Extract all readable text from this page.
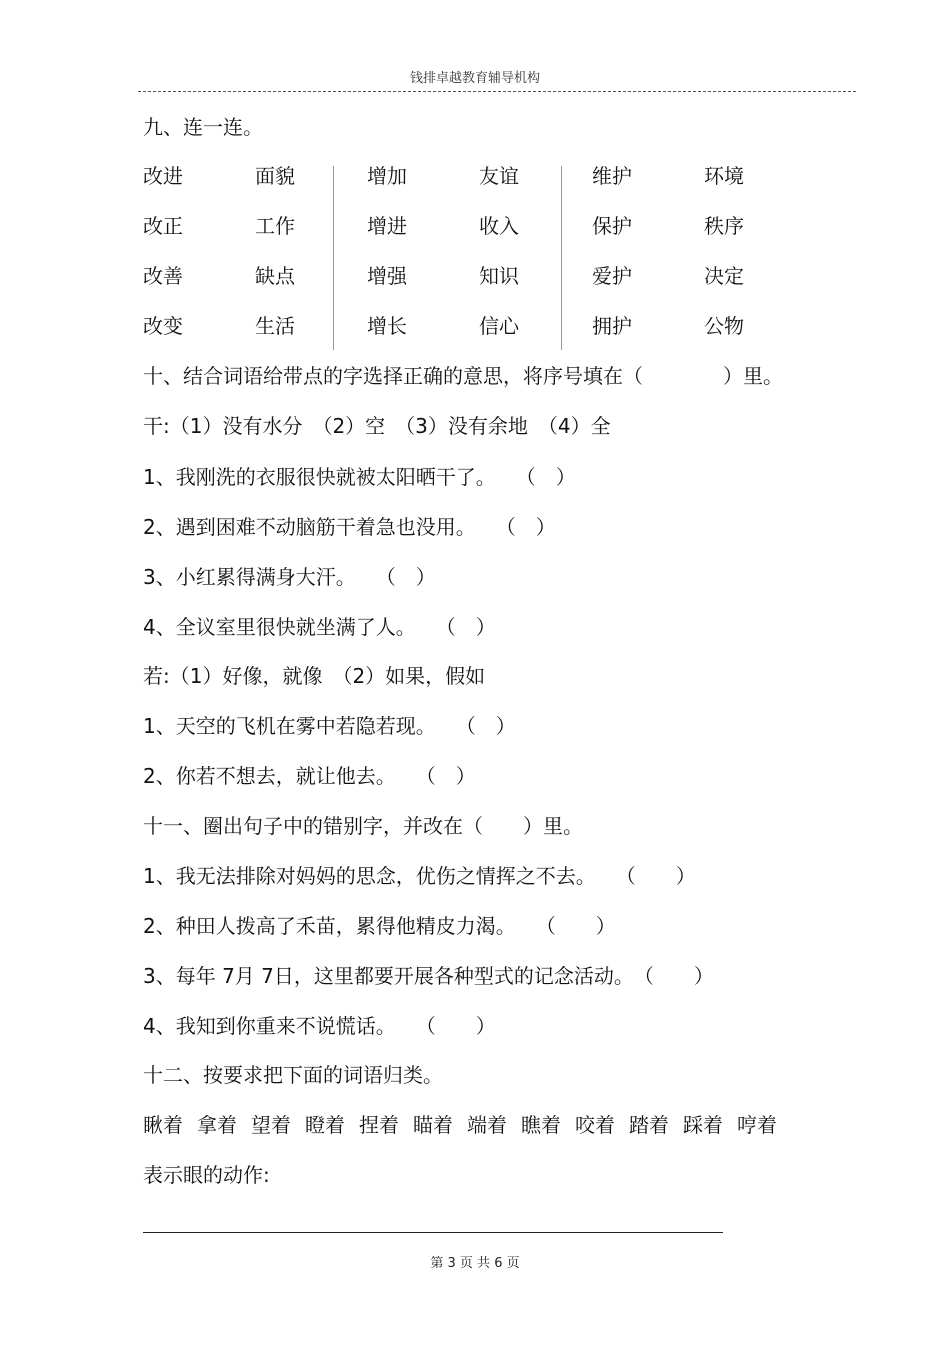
钱排卓越教育辅导机构
九、连一连。
改进	面貌	增加	友谊	维护	环境
改正	工作	增进	收入	保护	秩序
改善	缺点	增强	知识	爱护	决定
改变	生活	增长	信心	拥护	公物
十、结合词语给带点的字选择正确的意思，将序号填在（　　　　）里。
干:（1）没有水分　（2）空　（3）没有余地　（4）全
1、我刚洗的衣服很快就被太阳晒干了。　　（　）
2、遇到困难不动脑筋干着急也没用。　　（　）
3、小红累得满身大汗。　　（　）
4、全议室里很快就坐满了人。　　（　）
若:（1）好像，就像　（2）如果，假如
1、天空的飞机在雾中若隐若现。　　（　）
2、你若不想去，就让他去。　　（　）
十一、圈出句子中的错别字，并改在（　　）里。
1、我无法排除对妈妈的思念，优伤之情挥之不去。　　（　　）
2、种田人拨高了禾苗，累得他精皮力渴。　　（　　）
3、每年 7月 7日，这里都要开展各种型式的记念活动。　（　　）
4、我知到你重来不说慌话。　　（　　）
十二、按要求把下面的词语归类。
瞅着 拿着 望着 瞪着 捏着 瞄着 端着 瞧着 咬着 踏着 踩着 哼着
表示眼的动作:
第 3 页 共 6 页
